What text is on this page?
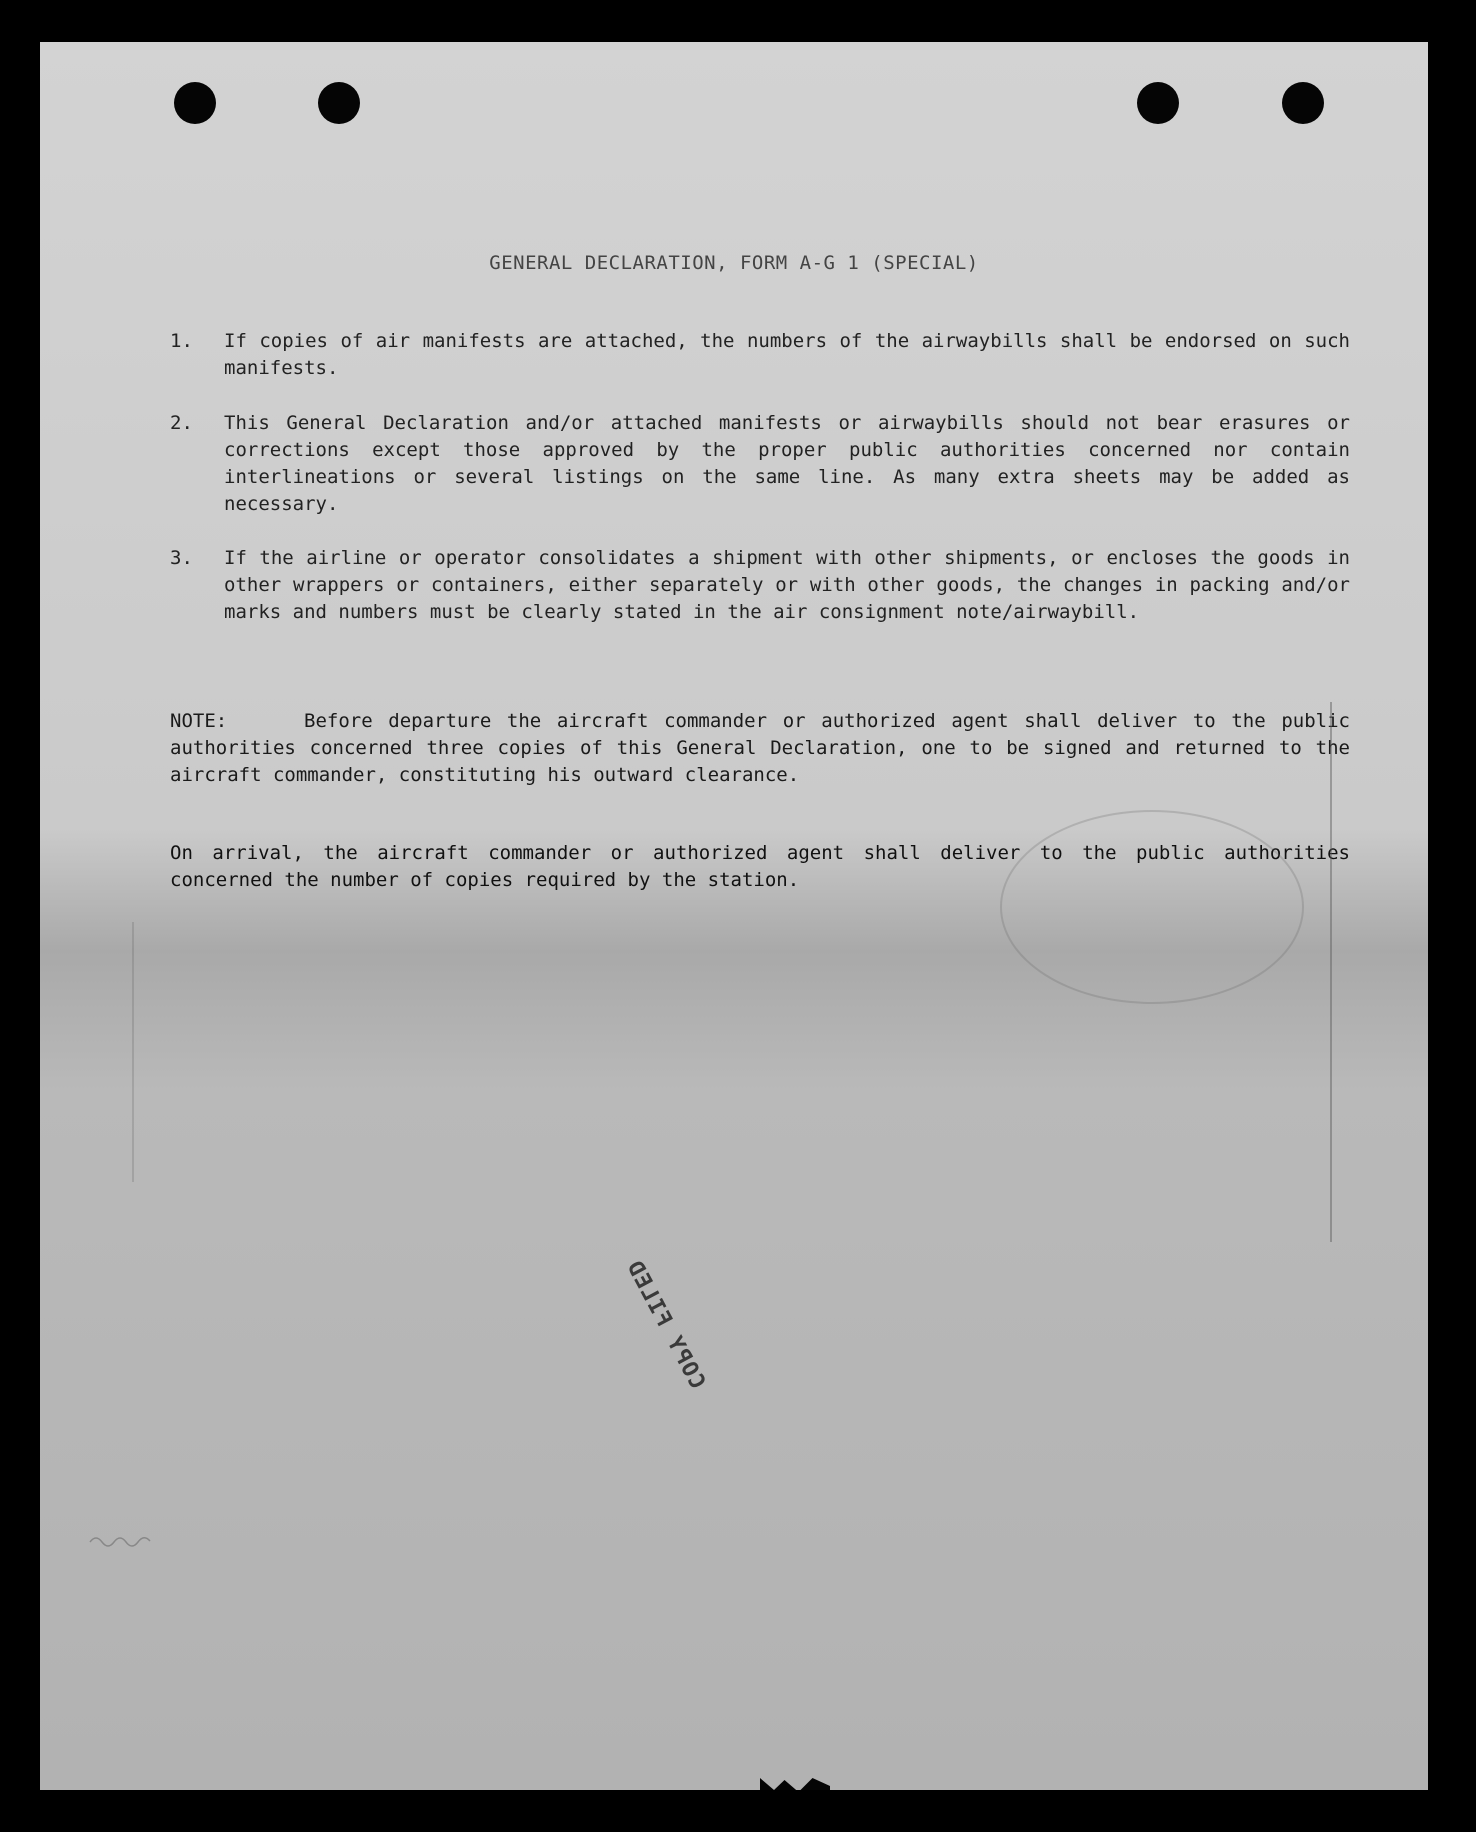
GENERAL DECLARATION, FORM A-G 1 (SPECIAL)
1.	If copies of air manifests are attached, the numbers of the airwaybills shall be endorsed on such manifests.
2.	This General Declaration and/or attached manifests or airwaybills should not bear erasures or corrections except those approved by the proper public authorities concerned nor contain interlineations or several listings on the same line. As many extra sheets may be added as necessary.
3.	If the airline or operator consolidates a shipment with other shipments, or encloses the goods in other wrappers or containers, either separately or with other goods, the changes in packing and/or marks and numbers must be clearly stated in the air consignment note/airwaybill.
NOTE:	Before departure the aircraft commander or authorized agent shall deliver to the public authorities concerned three copies of this General Declaration, one to be signed and returned to the aircraft commander, constituting his outward clearance.
On arrival, the aircraft commander or authorized agent shall deliver to the public authorities concerned the number of copies required by the station.
COPY FILED
